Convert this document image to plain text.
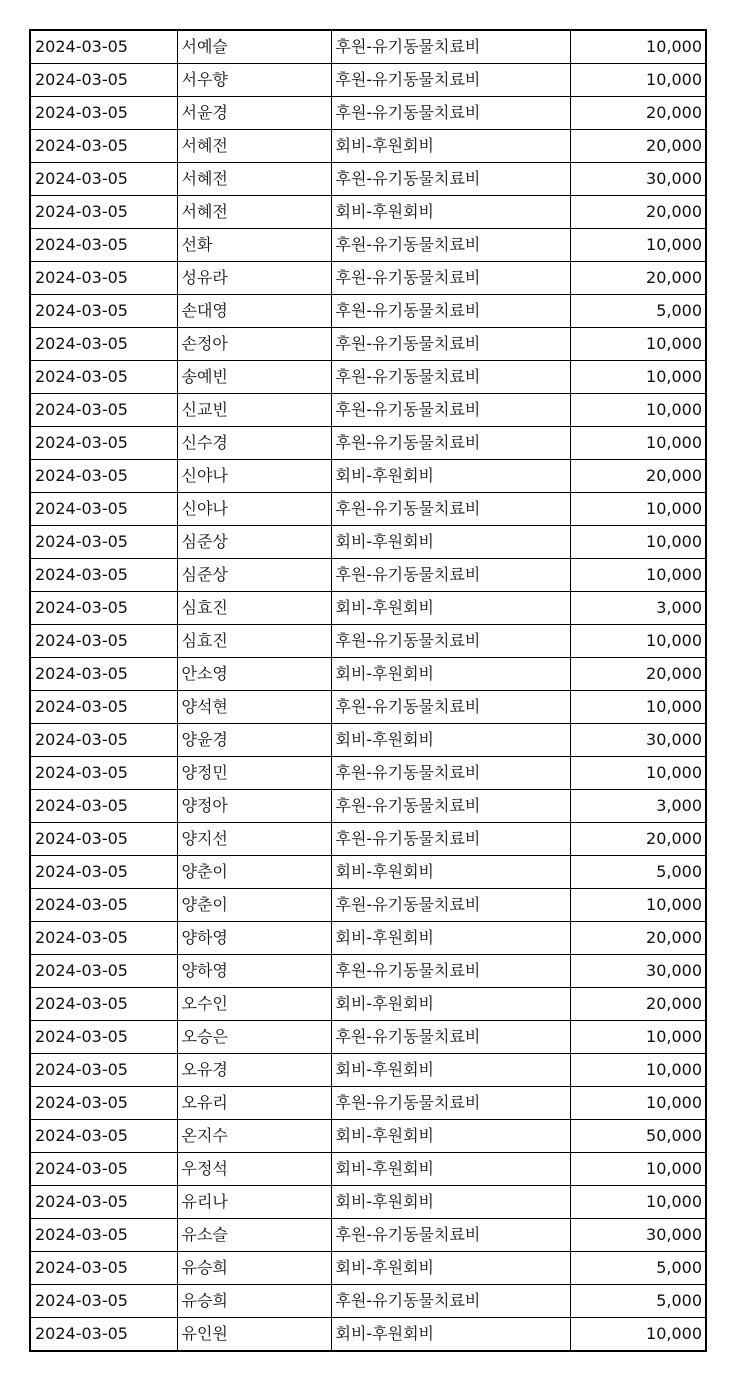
2024-03-05	서예슬	후원-유기동물치료비	10,000
2024-03-05	서우향	후원-유기동물치료비	10,000
2024-03-05	서윤경	후원-유기동물치료비	20,000
2024-03-05	서혜전	회비-후원회비	20,000
2024-03-05	서혜전	후원-유기동물치료비	30,000
2024-03-05	서혜전	회비-후원회비	20,000
2024-03-05	선화	후원-유기동물치료비	10,000
2024-03-05	성유라	후원-유기동물치료비	20,000
2024-03-05	손대영	후원-유기동물치료비	5,000
2024-03-05	손정아	후원-유기동물치료비	10,000
2024-03-05	송예빈	후원-유기동물치료비	10,000
2024-03-05	신교빈	후원-유기동물치료비	10,000
2024-03-05	신수경	후원-유기동물치료비	10,000
2024-03-05	신야나	회비-후원회비	20,000
2024-03-05	신야나	후원-유기동물치료비	10,000
2024-03-05	심준상	회비-후원회비	10,000
2024-03-05	심준상	후원-유기동물치료비	10,000
2024-03-05	심효진	회비-후원회비	3,000
2024-03-05	심효진	후원-유기동물치료비	10,000
2024-03-05	안소영	회비-후원회비	20,000
2024-03-05	양석현	후원-유기동물치료비	10,000
2024-03-05	양윤경	회비-후원회비	30,000
2024-03-05	양정민	후원-유기동물치료비	10,000
2024-03-05	양정아	후원-유기동물치료비	3,000
2024-03-05	양지선	후원-유기동물치료비	20,000
2024-03-05	양춘이	회비-후원회비	5,000
2024-03-05	양춘이	후원-유기동물치료비	10,000
2024-03-05	양하영	회비-후원회비	20,000
2024-03-05	양하영	후원-유기동물치료비	30,000
2024-03-05	오수인	회비-후원회비	20,000
2024-03-05	오승은	후원-유기동물치료비	10,000
2024-03-05	오유경	회비-후원회비	10,000
2024-03-05	오유리	후원-유기동물치료비	10,000
2024-03-05	온지수	회비-후원회비	50,000
2024-03-05	우정석	회비-후원회비	10,000
2024-03-05	유리나	회비-후원회비	10,000
2024-03-05	유소슬	후원-유기동물치료비	30,000
2024-03-05	유승희	회비-후원회비	5,000
2024-03-05	유승희	후원-유기동물치료비	5,000
2024-03-05	유인원	회비-후원회비	10,000
